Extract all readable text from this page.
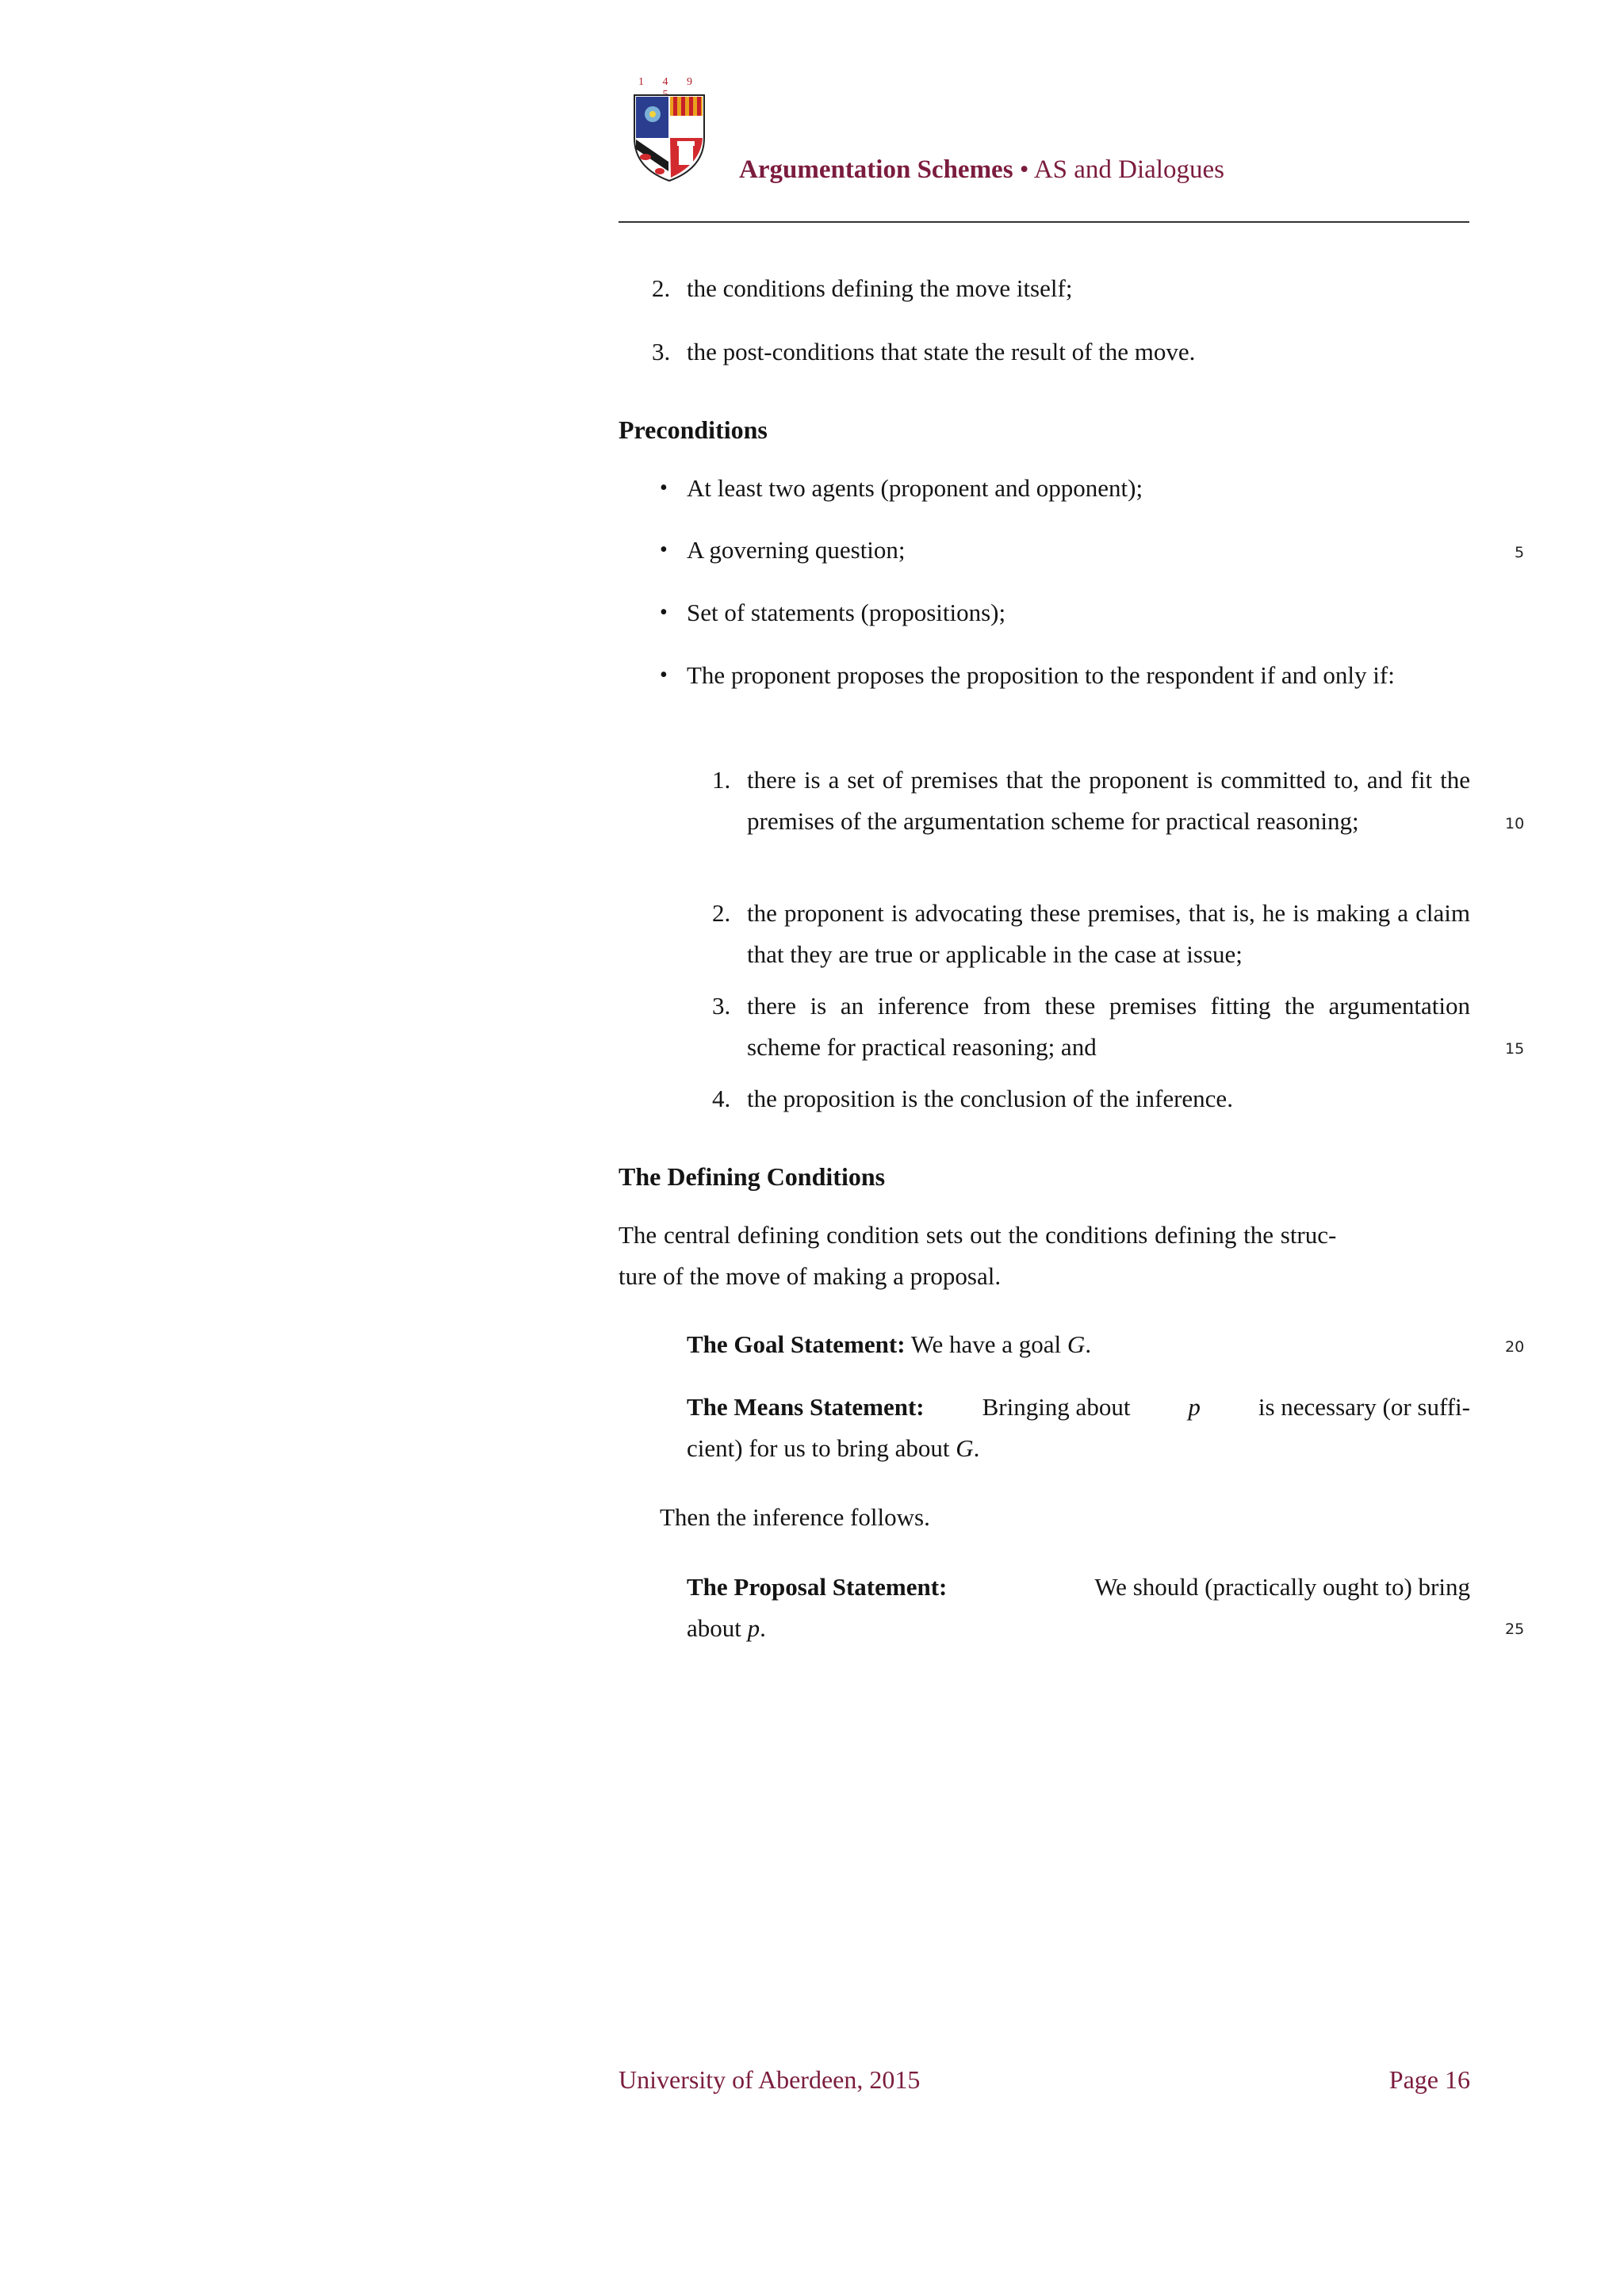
1 4 9
Argumentation Schemes • AS and Dialogues
2. the conditions defining the move itself;
3. the post-conditions that state the result of the move.
Preconditions
• At least two agents (proponent and opponent);
• A governing question;
• Set of statements (propositions);
• The proponent proposes the proposition to the respondent if and only if:
1. there is a set of premises that the proponent is committed to, and fit the premises of the argumentation scheme for practical reasoning;
2. the proponent is advocating these premises, that is, he is making a claim that they are true or applicable in the case at issue;
3. there is an inference from these premises fitting the argumentation scheme for practical reasoning; and
4. the proposition is the conclusion of the inference.
The Defining Conditions
The central defining condition sets out the conditions defining the struc-
ture of the move of making a proposal.
The Goal Statement: We have a goal G.
The Means Statement: Bringing about p is necessary (or suffi-
cient) for us to bring about G.
Then the inference follows.
The Proposal Statement:	We should (practically ought to) bring
about p.
5
10
15
20
25
University of Aberdeen, 2015	Page 16
